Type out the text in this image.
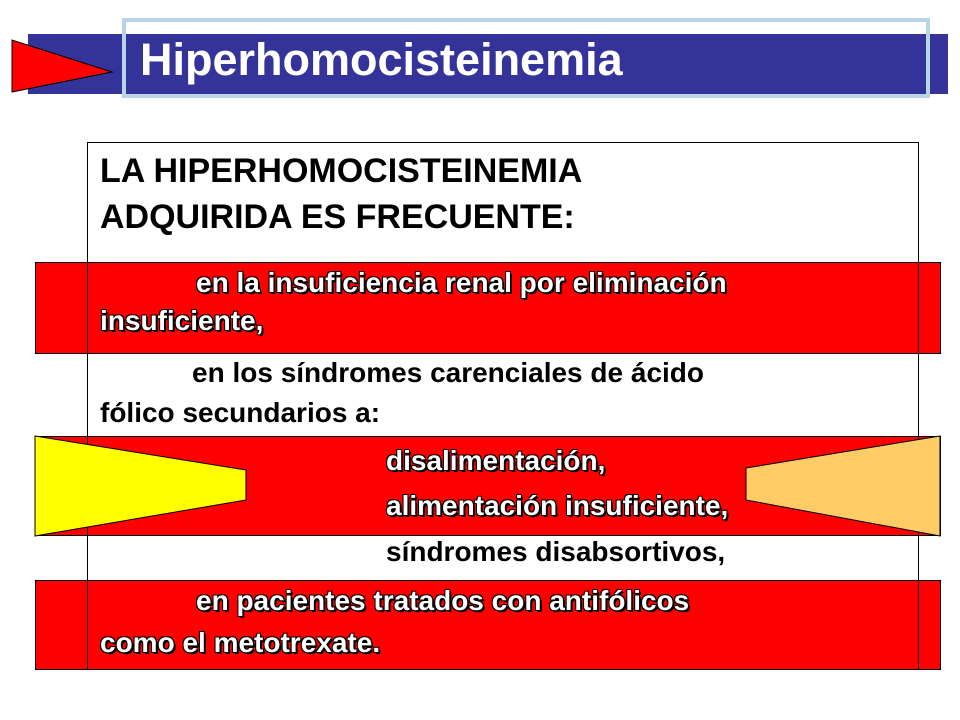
Hiperhomocisteinemia
LA HIPERHOMOCISTEINEMIA
ADQUIRIDA ES FRECUENTE:
en la insuficiencia renal por eliminación
insuficiente,
en los síndromes carenciales de ácido
fólico secundarios a:
disalimentación,
alimentación insuficiente,
síndromes disabsortivos,
en pacientes tratados con antifólicos
como el metotrexate.
